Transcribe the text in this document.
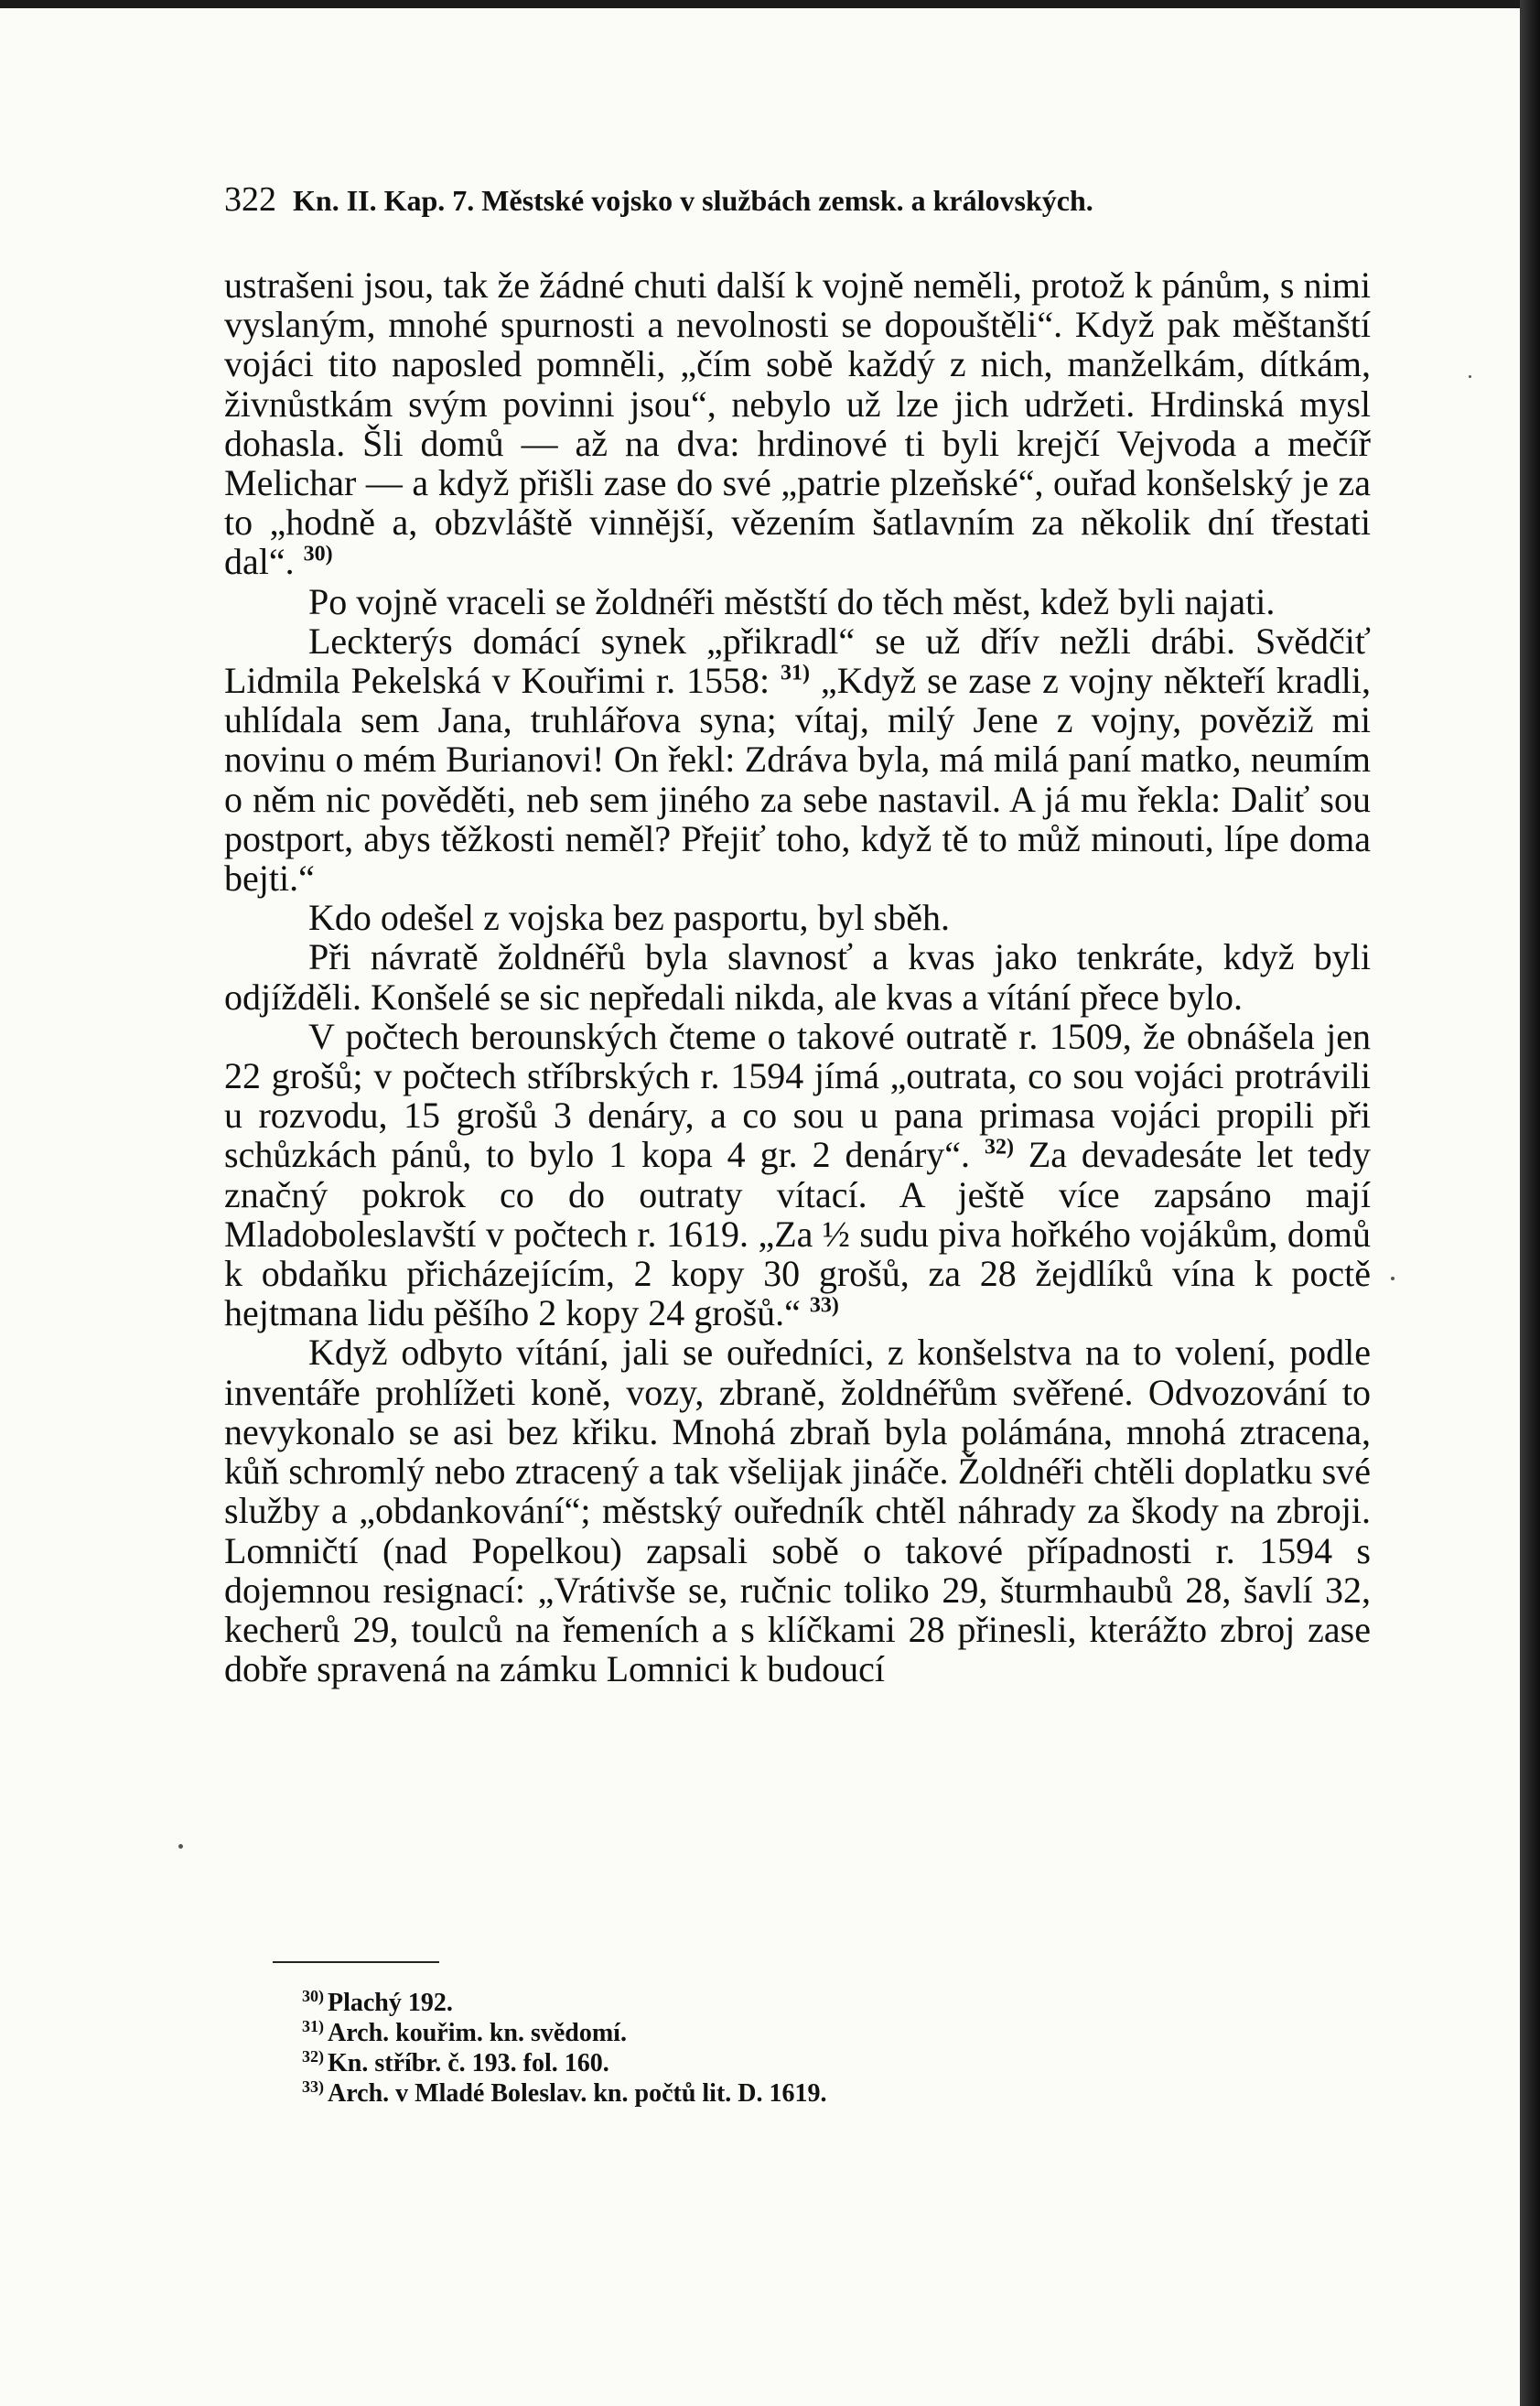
322 Kn. II. Kap. 7. Městské vojsko v službách zemsk. a královských.

ustrašeni jsou, tak že žádné chuti další k vojně neměli, protož k pánům, s nimi vyslaným, mnohé spurnosti a nevolnosti se dopouštěli“. Když pak měštanští vojáci tito naposled pomněli, „čím sobě každý z nich, manželkám, dítkám, živnůstkám svým povinni jsou“, nebylo už lze jich udržeti. Hrdinská mysl dohasla. Šli domů — až na dva: hrdinové ti byli krejčí Vejvoda a mečíř Melichar — a když přišli zase do své „patrie plzeňské“, ouřad konšelský je za to „hodně a, obzvláště vinnější, vězením šatlavním za několik dní třestati dal“. $^{30)}$

Po vojně vraceli se žoldnéři městští do těch měst, kdež byli najati.

Leckterýs domácí synek „přikradl“ se už dřív nežli drábi. Svědčiť Lidmila Pekelská v Kouřimi r. 1558: $^{31)}$ „Když se zase z vojny někteří kradli, uhlídala sem Jana, truhlářova syna; vítaj, milý Jene z vojny, pověziž mi novinu o mém Burianovi! On řekl: Zdráva byla, má milá paní matko, neumím o něm nic pověděti, neb sem jiného za sebe nastavil. A já mu řekla: Daliť sou postport, abys těžkosti neměl? Přejiť toho, když tě to můž minouti, lípe doma bejti.“

Kdo odešel z vojska bez pasportu, byl sběh.

Při návratě žoldnéřů byla slavnosť a kvas jako tenkráte, když byli odjížděli. Konšelé se sic nepředali nikda, ale kvas a vítání přece bylo.

V počtech berounských čteme o takové outratě r. 1509, že obnášela jen 22 grošů; v počtech stříbrských r. 1594 jímá „outrata, co sou vojáci protrávili u rozvodu, 15 grošů 3 denáry, a co sou u pana primasa vojáci propili při schůzkách pánů, to bylo 1 kopa 4 gr. 2 denáry“. $^{32)}$ Za devadesáte let tedy značný pokrok co do outraty vítací. A ještě více zapsáno mají Mladoboleslavští v počtech r. 1619. „Za ½ sudu piva hořkého vojákům, domů k obdaňku přicházejícím, 2 kopy 30 grošů, za 28 žejdlíků vína k poctě hejtmana lidu pěšího 2 kopy 24 grošů.“ $^{33)}$

Když odbyto vítání, jali se ouředníci, z konšelstva na to volení, podle inventáře prohlížeti koně, vozy, zbraně, žoldnéřům svěřené. Odvozování to nevykonalo se asi bez křiku. Mnohá zbraň byla polámána, mnohá ztracena, kůň schromlý nebo ztracený a tak všelijak jináče. Žoldnéři chtěli doplatku své služby a „obdankování“; městský ouředník chtěl náhrady za škody na zbroji. Lomničtí (nad Popelkou) zapsali sobě o takové případnosti r. 1594 s dojemnou resignací: „Vrátivše se, ručnic toliko 29, šturmhaubů 28, šavlí 32, kecherů 29, toulců na řemeních a s klíčkami 28 přinesli, kterážto zbroj zase dobře spravená na zámku Lomnici k budoucí

$^{30)}$ Plachý 192.
$^{31)}$ Arch. kouřim. kn. svědomí.
$^{32)}$ Kn. stříbr. č. 193. fol. 160.
$^{33)}$ Arch. v Mladé Boleslav. kn. počtů lit. D. 1619.
